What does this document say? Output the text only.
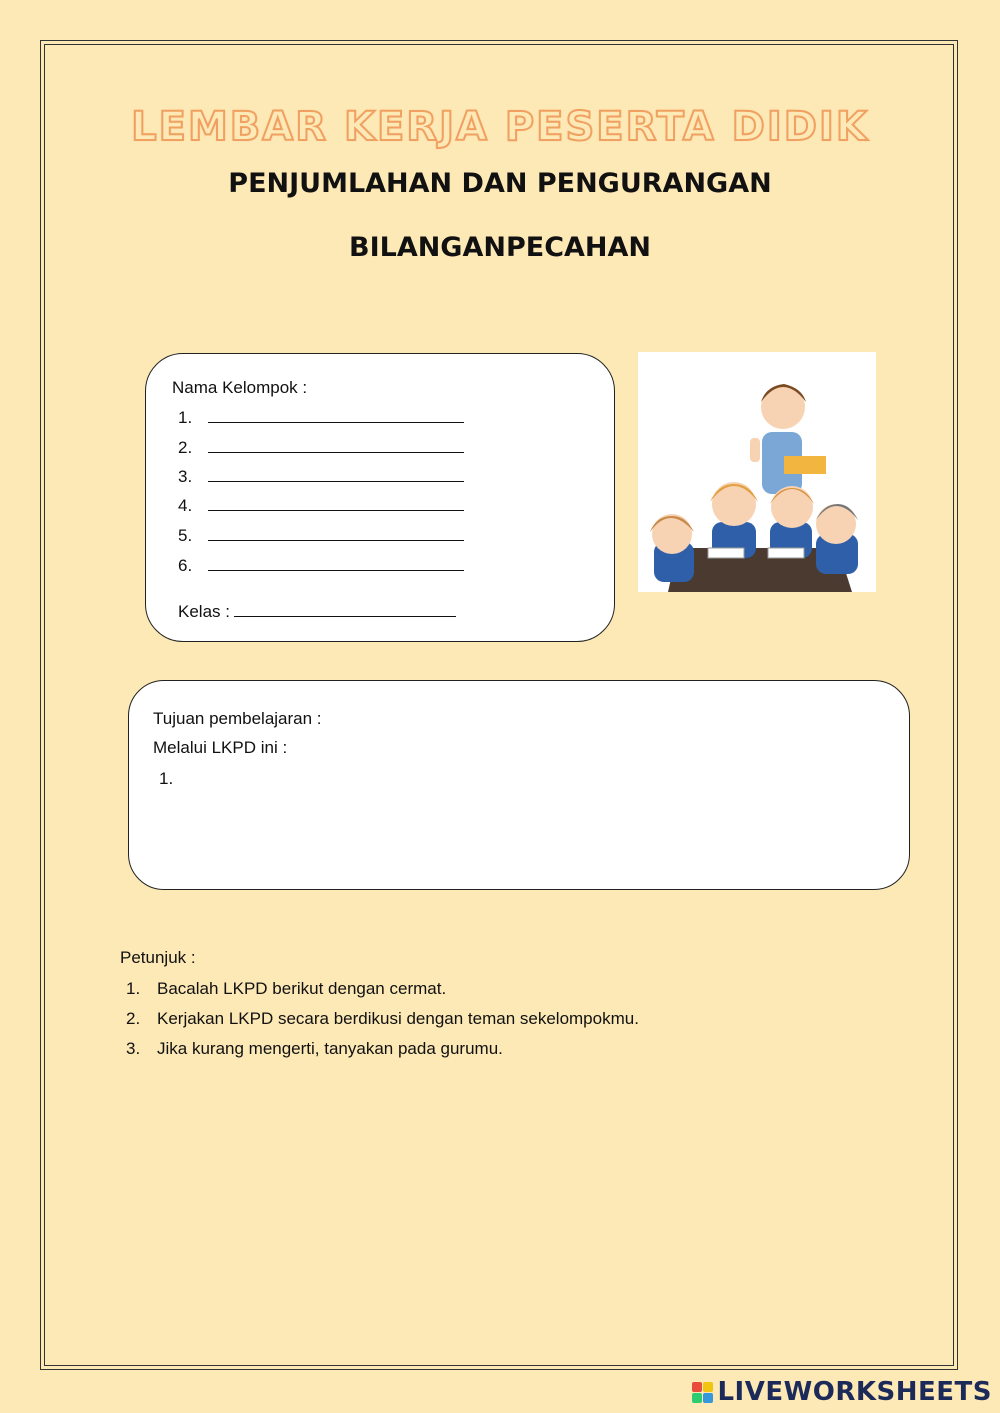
LEMBAR KERJA PESERTA DIDIK
PENJUMLAHAN DAN PENGURANGAN
BILANGANPECAHAN
Nama Kelompok :
1.
2.
3.
4.
5.
6.
Kelas :
Tujuan pembelajaran :
Melalui LKPD ini :
1.
Petunjuk :
1. Bacalah LKPD berikut dengan cermat.
2. Kerjakan LKPD secara berdikusi dengan teman sekelompokmu.
3. Jika kurang mengerti, tanyakan pada gurumu.
LIVEWORKSHEETS
